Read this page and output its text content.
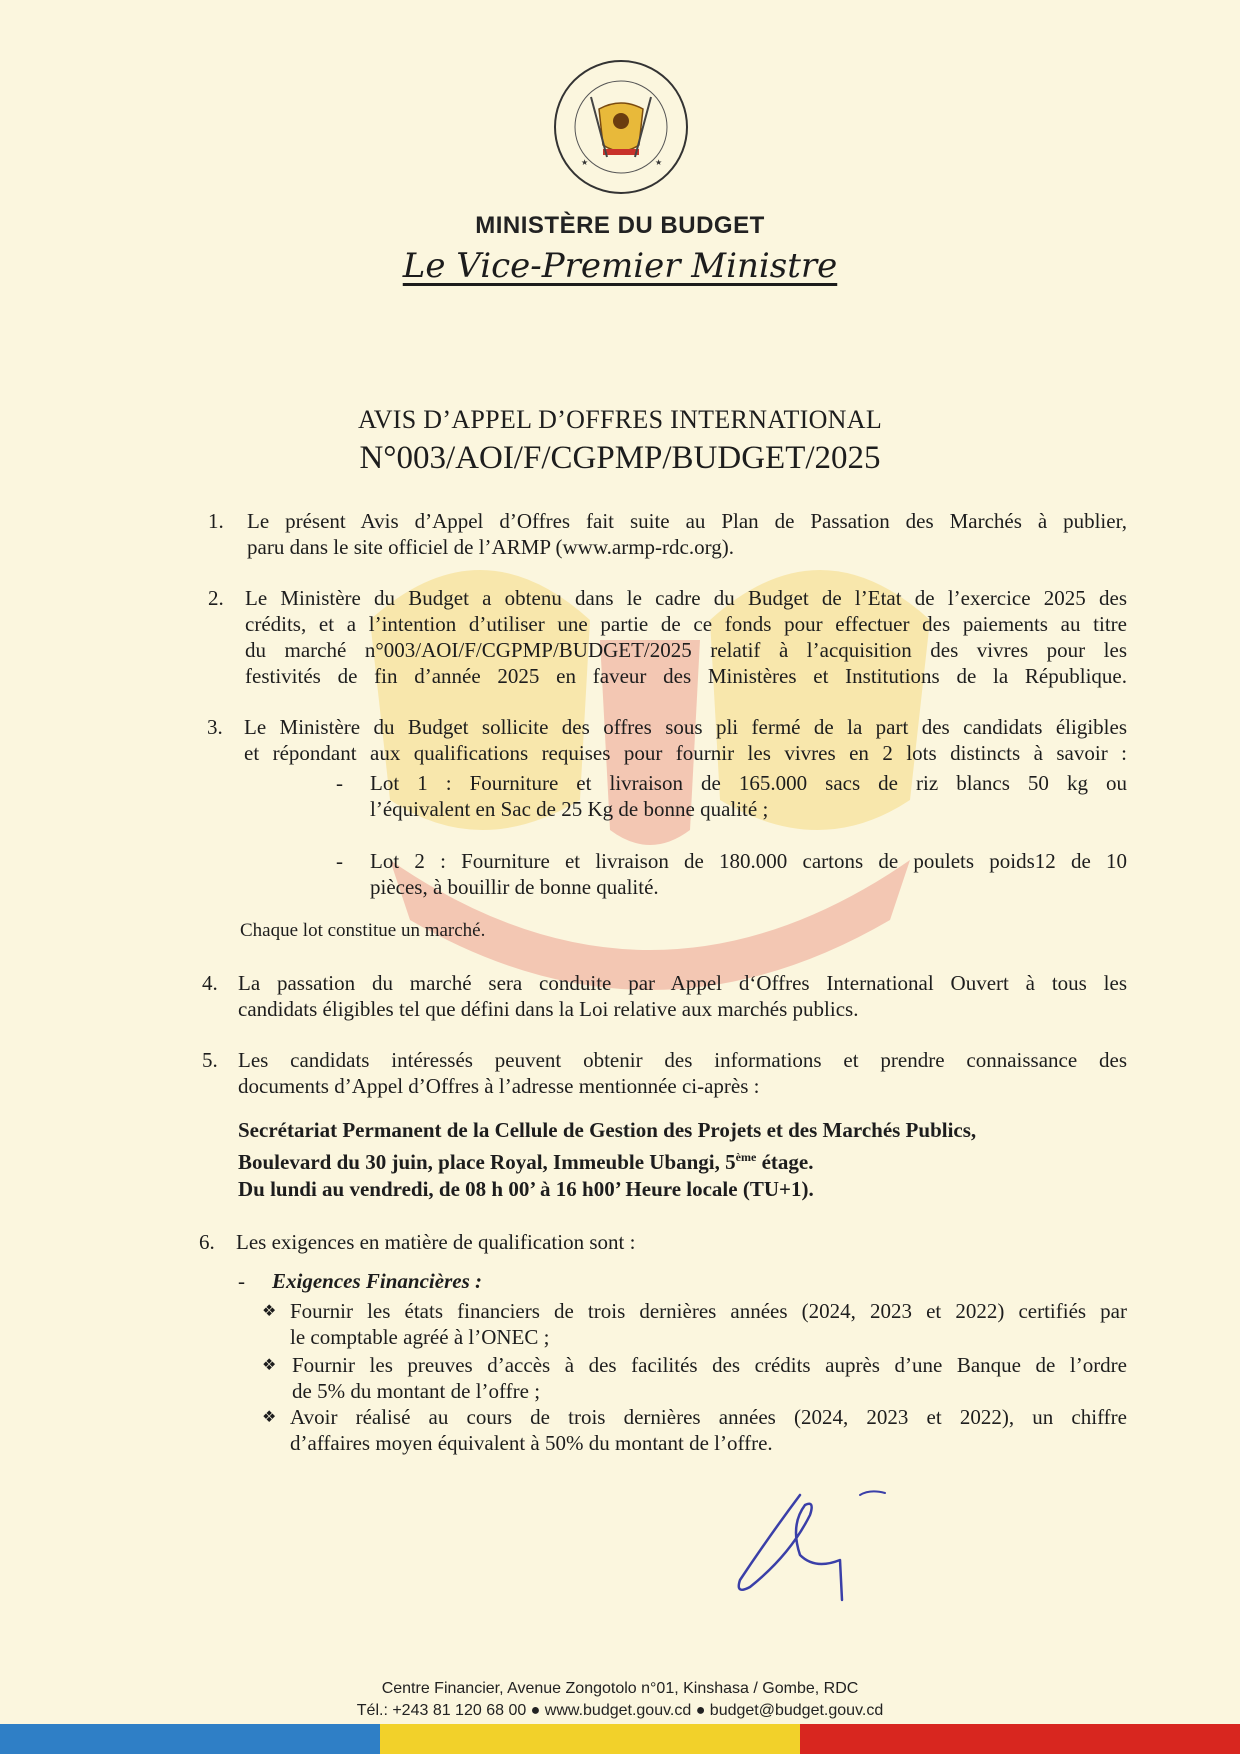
★	★
MINISTÈRE DU BUDGET
Le Vice-Premier Ministre
AVIS D’APPEL D’OFFRES INTERNATIONAL
N°003/AOI/F/CGPMP/BUDGET/2025
1. Le présent Avis d’Appel d’Offres fait suite au Plan de Passation des Marchés à publier,
paru dans le site officiel de l’ARMP (www.armp-rdc.org).
2. Le Ministère du Budget a obtenu dans le cadre du Budget de l’Etat de l’exercice 2025 des
crédits, et a l’intention d’utiliser une partie de ce fonds pour effectuer des paiements au titre
du marché n°003/AOI/F/CGPMP/BUDGET/2025 relatif à l’acquisition des vivres pour les
festivités de fin d’année 2025 en faveur des Ministères et Institutions de la République.
3. Le Ministère du Budget sollicite des offres sous pli fermé de la part des candidats éligibles
et répondant aux qualifications requises pour fournir les vivres en 2 lots distincts à savoir :
- Lot 1 : Fourniture et livraison de 165.000 sacs de riz blancs 50 kg ou
l’équivalent en Sac de 25 Kg de bonne qualité ;
- Lot 2 : Fourniture et livraison de 180.000 cartons de poulets poids12 de 10
pièces, à bouillir de bonne qualité.
Chaque lot constitue un marché.
4. La passation du marché sera conduite par Appel d‘Offres International Ouvert à tous les
candidats éligibles tel que défini dans la Loi relative aux marchés publics.
5. Les candidats intéressés peuvent obtenir des informations et prendre connaissance des
documents d’Appel d’Offres à l’adresse mentionnée ci-après :
Secrétariat Permanent de la Cellule de Gestion des Projets et des Marchés Publics,
Boulevard du 30 juin, place Royal, Immeuble Ubangi, 5ème étage.
Du lundi au vendredi, de 08 h 00’ à 16 h00’ Heure locale (TU+1).
6. Les exigences en matière de qualification sont :
- Exigences Financières :
❖ Fournir les états financiers de trois dernières années (2024, 2023 et 2022) certifiés par
le comptable agréé à l’ONEC ;
❖ Fournir les preuves d’accès à des facilités des crédits auprès d’une Banque de l’ordre
de 5% du montant de l’offre ;
❖ Avoir réalisé au cours de trois dernières années (2024, 2023 et 2022), un chiffre
d’affaires moyen équivalent à 50% du montant de l’offre.
Centre Financier, Avenue Zongotolo n°01, Kinshasa / Gombe, RDC
Tél.: +243 81 120 68 00 ● www.budget.gouv.cd ● budget@budget.gouv.cd
